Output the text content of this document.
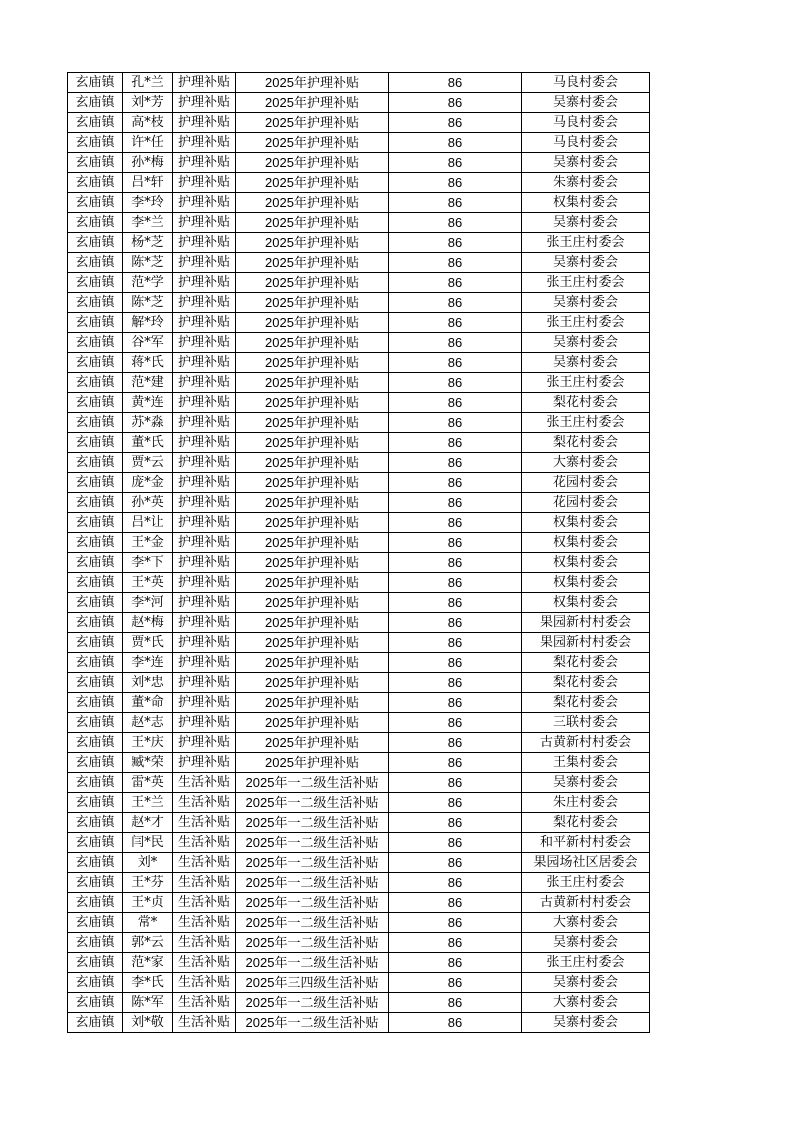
玄庙镇	孔*兰	护理补贴	2025年护理补贴	86	马良村委会
玄庙镇	刘*芳	护理补贴	2025年护理补贴	86	吴寨村委会
玄庙镇	高*枝	护理补贴	2025年护理补贴	86	马良村委会
玄庙镇	许*任	护理补贴	2025年护理补贴	86	马良村委会
玄庙镇	孙*梅	护理补贴	2025年护理补贴	86	吴寨村委会
玄庙镇	吕*轩	护理补贴	2025年护理补贴	86	朱寨村委会
玄庙镇	李*玲	护理补贴	2025年护理补贴	86	权集村委会
玄庙镇	李*兰	护理补贴	2025年护理补贴	86	吴寨村委会
玄庙镇	杨*芝	护理补贴	2025年护理补贴	86	张王庄村委会
玄庙镇	陈*芝	护理补贴	2025年护理补贴	86	吴寨村委会
玄庙镇	范*学	护理补贴	2025年护理补贴	86	张王庄村委会
玄庙镇	陈*芝	护理补贴	2025年护理补贴	86	吴寨村委会
玄庙镇	解*玲	护理补贴	2025年护理补贴	86	张王庄村委会
玄庙镇	谷*军	护理补贴	2025年护理补贴	86	吴寨村委会
玄庙镇	蒋*氏	护理补贴	2025年护理补贴	86	吴寨村委会
玄庙镇	范*建	护理补贴	2025年护理补贴	86	张王庄村委会
玄庙镇	黄*连	护理补贴	2025年护理补贴	86	梨花村委会
玄庙镇	苏*淼	护理补贴	2025年护理补贴	86	张王庄村委会
玄庙镇	董*氏	护理补贴	2025年护理补贴	86	梨花村委会
玄庙镇	贾*云	护理补贴	2025年护理补贴	86	大寨村委会
玄庙镇	庞*金	护理补贴	2025年护理补贴	86	花园村委会
玄庙镇	孙*英	护理补贴	2025年护理补贴	86	花园村委会
玄庙镇	吕*让	护理补贴	2025年护理补贴	86	权集村委会
玄庙镇	王*金	护理补贴	2025年护理补贴	86	权集村委会
玄庙镇	李*下	护理补贴	2025年护理补贴	86	权集村委会
玄庙镇	王*英	护理补贴	2025年护理补贴	86	权集村委会
玄庙镇	李*河	护理补贴	2025年护理补贴	86	权集村委会
玄庙镇	赵*梅	护理补贴	2025年护理补贴	86	果园新村村委会
玄庙镇	贾*氏	护理补贴	2025年护理补贴	86	果园新村村委会
玄庙镇	李*连	护理补贴	2025年护理补贴	86	梨花村委会
玄庙镇	刘*忠	护理补贴	2025年护理补贴	86	梨花村委会
玄庙镇	董*命	护理补贴	2025年护理补贴	86	梨花村委会
玄庙镇	赵*志	护理补贴	2025年护理补贴	86	三联村委会
玄庙镇	王*庆	护理补贴	2025年护理补贴	86	古黄新村村委会
玄庙镇	臧*荣	护理补贴	2025年护理补贴	86	王集村委会
玄庙镇	雷*英	生活补贴	2025年一二级生活补贴	86	吴寨村委会
玄庙镇	王*兰	生活补贴	2025年一二级生活补贴	86	朱庄村委会
玄庙镇	赵*才	生活补贴	2025年一二级生活补贴	86	梨花村委会
玄庙镇	闫*民	生活补贴	2025年一二级生活补贴	86	和平新村村委会
玄庙镇	刘*	生活补贴	2025年一二级生活补贴	86	果园场社区居委会
玄庙镇	王*芬	生活补贴	2025年一二级生活补贴	86	张王庄村委会
玄庙镇	王*贞	生活补贴	2025年一二级生活补贴	86	古黄新村村委会
玄庙镇	常*	生活补贴	2025年一二级生活补贴	86	大寨村委会
玄庙镇	郭*云	生活补贴	2025年一二级生活补贴	86	吴寨村委会
玄庙镇	范*家	生活补贴	2025年一二级生活补贴	86	张王庄村委会
玄庙镇	李*氏	生活补贴	2025年三四级生活补贴	86	吴寨村委会
玄庙镇	陈*军	生活补贴	2025年一二级生活补贴	86	大寨村委会
玄庙镇	刘*敬	生活补贴	2025年一二级生活补贴	86	吴寨村委会
